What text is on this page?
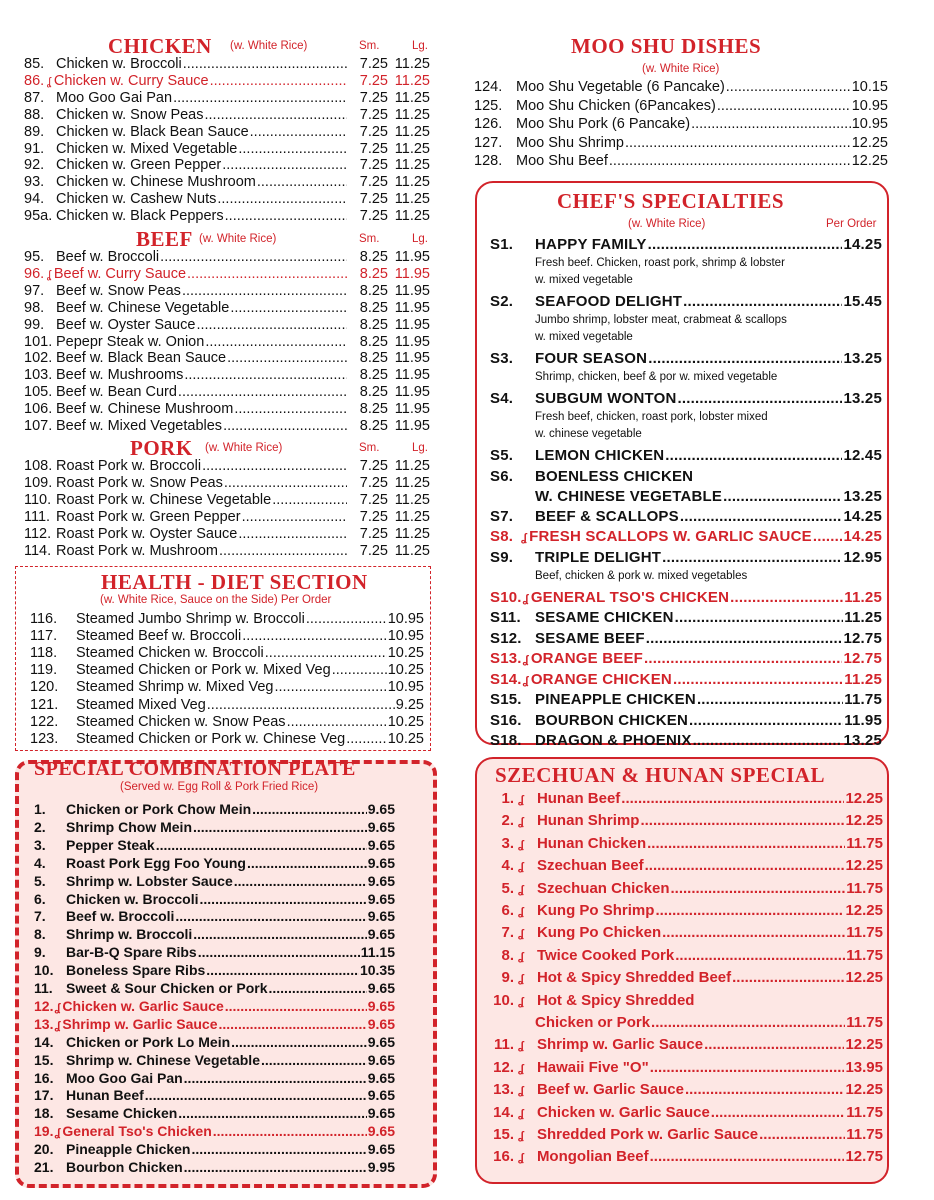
CHICKEN (w. White Rice)	Sm.	Lg.
85. Chicken w. Broccoli .....	7.25 11.25
86. ʆ Chicken w. Curry Sauce .....	7.25 11.25
87. Moo Goo Gai Pan .....	7.25 11.25
88. Chicken w. Snow Peas .....	7.25 11.25
89. Chicken w. Black Bean Sauce .....	7.25 11.25
91. Chicken w. Mixed Vegetable .....	7.25 11.25
92. Chicken w. Green Pepper .....	7.25 11.25
93. Chicken w. Chinese Mushroom .....	7.25 11.25
94. Chicken w. Cashew Nuts .....	7.25 11.25
95a. Chicken w. Black Peppers .....	7.25 11.25
BEEF (w. White Rice)	Sm.	Lg.
95. Beef w. Broccoli .....	8.25 11.95
96. ʆ Beef w. Curry Sauce .....	8.25 11.95
97. Beef w. Snow Peas .....	8.25 11.95
98. Beef w. Chinese Vegetable .....	8.25 11.95
99. Beef w. Oyster Sauce .....	8.25 11.95
101. Pepepr Steak w. Onion .....	8.25 11.95
102. Beef w. Black Bean Sauce .....	8.25 11.95
103. Beef w. Mushrooms .....	8.25 11.95
105. Beef w. Bean Curd .....	8.25 11.95
106. Beef w. Chinese Mushroom .....	8.25 11.95
107. Beef w. Mixed Vegetables .....	8.25 11.95
PORK (w. White Rice)	Sm.	Lg.
108. Roast Pork w. Broccoli .....	7.25 11.25
109. Roast Pork w. Snow Peas .....	7.25 11.25
110. Roast Pork w. Chinese Vegetable .....	7.25 11.25
111. Roast Pork w. Green Pepper .....	7.25 11.25
112. Roast Pork w. Oyster Sauce .....	7.25 11.25
114. Roast Pork w. Mushroom .....	7.25 11.25
HEALTH - DIET SECTION
(w. White Rice, Sauce on the Side) Per Order
116.	Steamed Jumbo Shrimp w. Broccoli .....	10.95
117.	Steamed Beef w. Broccoli .....	10.95
118.	Steamed Chicken w. Broccoli .....	10.25
119.	Steamed Chicken or Pork w. Mixed Veg .....	10.25
120.	Steamed Shrimp w. Mixed Veg .....	10.95
121.	Steamed Mixed Veg .....	9.25
122.	Steamed Chicken w. Snow Peas .....	10.25
123.	Steamed Chicken or Pork w. Chinese Veg .....	10.25
SPECIAL COMBINATION PLATE
(Served w. Egg Roll & Pork Fried Rice)
1.	Chicken or Pork Chow Mein .....	9.65
2.	Shrimp Chow Mein .....	9.65
3.	Pepper Steak .....	9.65
4.	Roast Pork Egg Foo Young .....	9.65
5.	Shrimp w. Lobster Sauce .....	9.65
6.	Chicken w. Broccoli .....	9.65
7.	Beef w. Broccoli .....	9.65
8.	Shrimp w. Broccoli .....	9.65
9.	Bar-B-Q Spare Ribs .....	11.15
10. Boneless Spare Ribs .....	10.35
11. Sweet & Sour Chicken or Pork .....	9.65
12. ʆ Chicken w. Garlic Sauce .....	9.65
13. ʆ Shrimp w. Garlic Sauce .....	9.65
14. Chicken or Pork Lo Mein .....	9.65
15. Shrimp w. Chinese Vegetable .....	9.65
16. Moo Goo Gai Pan .....	9.65
17. Hunan Beef .....	9.65
18. Sesame Chicken .....	9.65
19. ʆ General Tso's Chicken .....	9.65
20. Pineapple Chicken .....	9.65
21. Bourbon Chicken .....	9.95
MOO SHU DISHES
(w. White Rice)
124. Moo Shu Vegetable (6 Pancake) .....	10.15
125. Moo Shu Chicken (6Pancakes) .....	10.95
126. Moo Shu Pork (6 Pancake) .....	10.95
127. Moo Shu Shrimp .....	12.25
128. Moo Shu Beef .....	12.25
CHEF'S SPECIALTIES
(w. White Rice)	Per Order
S1.	HAPPY FAMILY .....	14.25
Fresh beef. Chicken, roast pork, shrimp & lobster
w. mixed vegetable
S2.	SEAFOOD DELIGHT .....	15.45
Jumbo shrimp, lobster meat, crabmeat & scallops
w. mixed vegetable
S3.	FOUR SEASON .....	13.25
Shrimp, chicken, beef & por w. mixed vegetable
S4.	SUBGUM WONTON .....	13.25
Fresh beef, chicken, roast pork, lobster mixed
w. chinese vegetable
S5.	LEMON CHICKEN .....	12.45
S6.	BOENLESS CHICKEN
W. CHINESE VEGETABLE .....	13.25
S7.	BEEF & SCALLOPS .....	14.25
S8. ʆ FRESH SCALLOPS W. GARLIC SAUCE ..... 14.25
S9.	TRIPLE DELIGHT .....	12.95
Beef, chicken & pork w. mixed vegetables
S10. ʆ GENERAL TSO'S CHICKEN .....	11.25
S11. SESAME CHICKEN .....	11.25
S12. SESAME BEEF .....	12.75
S13. ʆ ORANGE BEEF .....	12.75
S14. ʆ ORANGE CHICKEN .....	11.25
S15. PINEAPPLE CHICKEN .....	11.75
S16. BOURBON CHICKEN .....	11.95
S18. DRAGON & PHOENIX .....	13.25
SZECHUAN & HUNAN SPECIAL
1. ʆ Hunan Beef .....	12.25
2. ʆ Hunan Shrimp .....	12.25
3. ʆ Hunan Chicken .....	11.75
4. ʆ Szechuan Beef .....	12.25
5. ʆ Szechuan Chicken .....	11.75
6. ʆ Kung Po Shrimp .....	12.25
7. ʆ Kung Po Chicken .....	11.75
8. ʆ Twice Cooked Pork .....	11.75
9. ʆ Hot & Spicy Shredded Beef .....	12.25
10. ʆ Hot & Spicy Shredded
Chicken or Pork .....	11.75
11. ʆ Shrimp w. Garlic Sauce .....	12.25
12. ʆ Hawaii Five "O" .....	13.95
13. ʆ Beef w. Garlic Sauce .....	12.25
14. ʆ Chicken w. Garlic Sauce .....	11.75
15. ʆ Shredded Pork w. Garlic Sauce .....	11.75
16. ʆ Mongolian Beef .....	12.75
